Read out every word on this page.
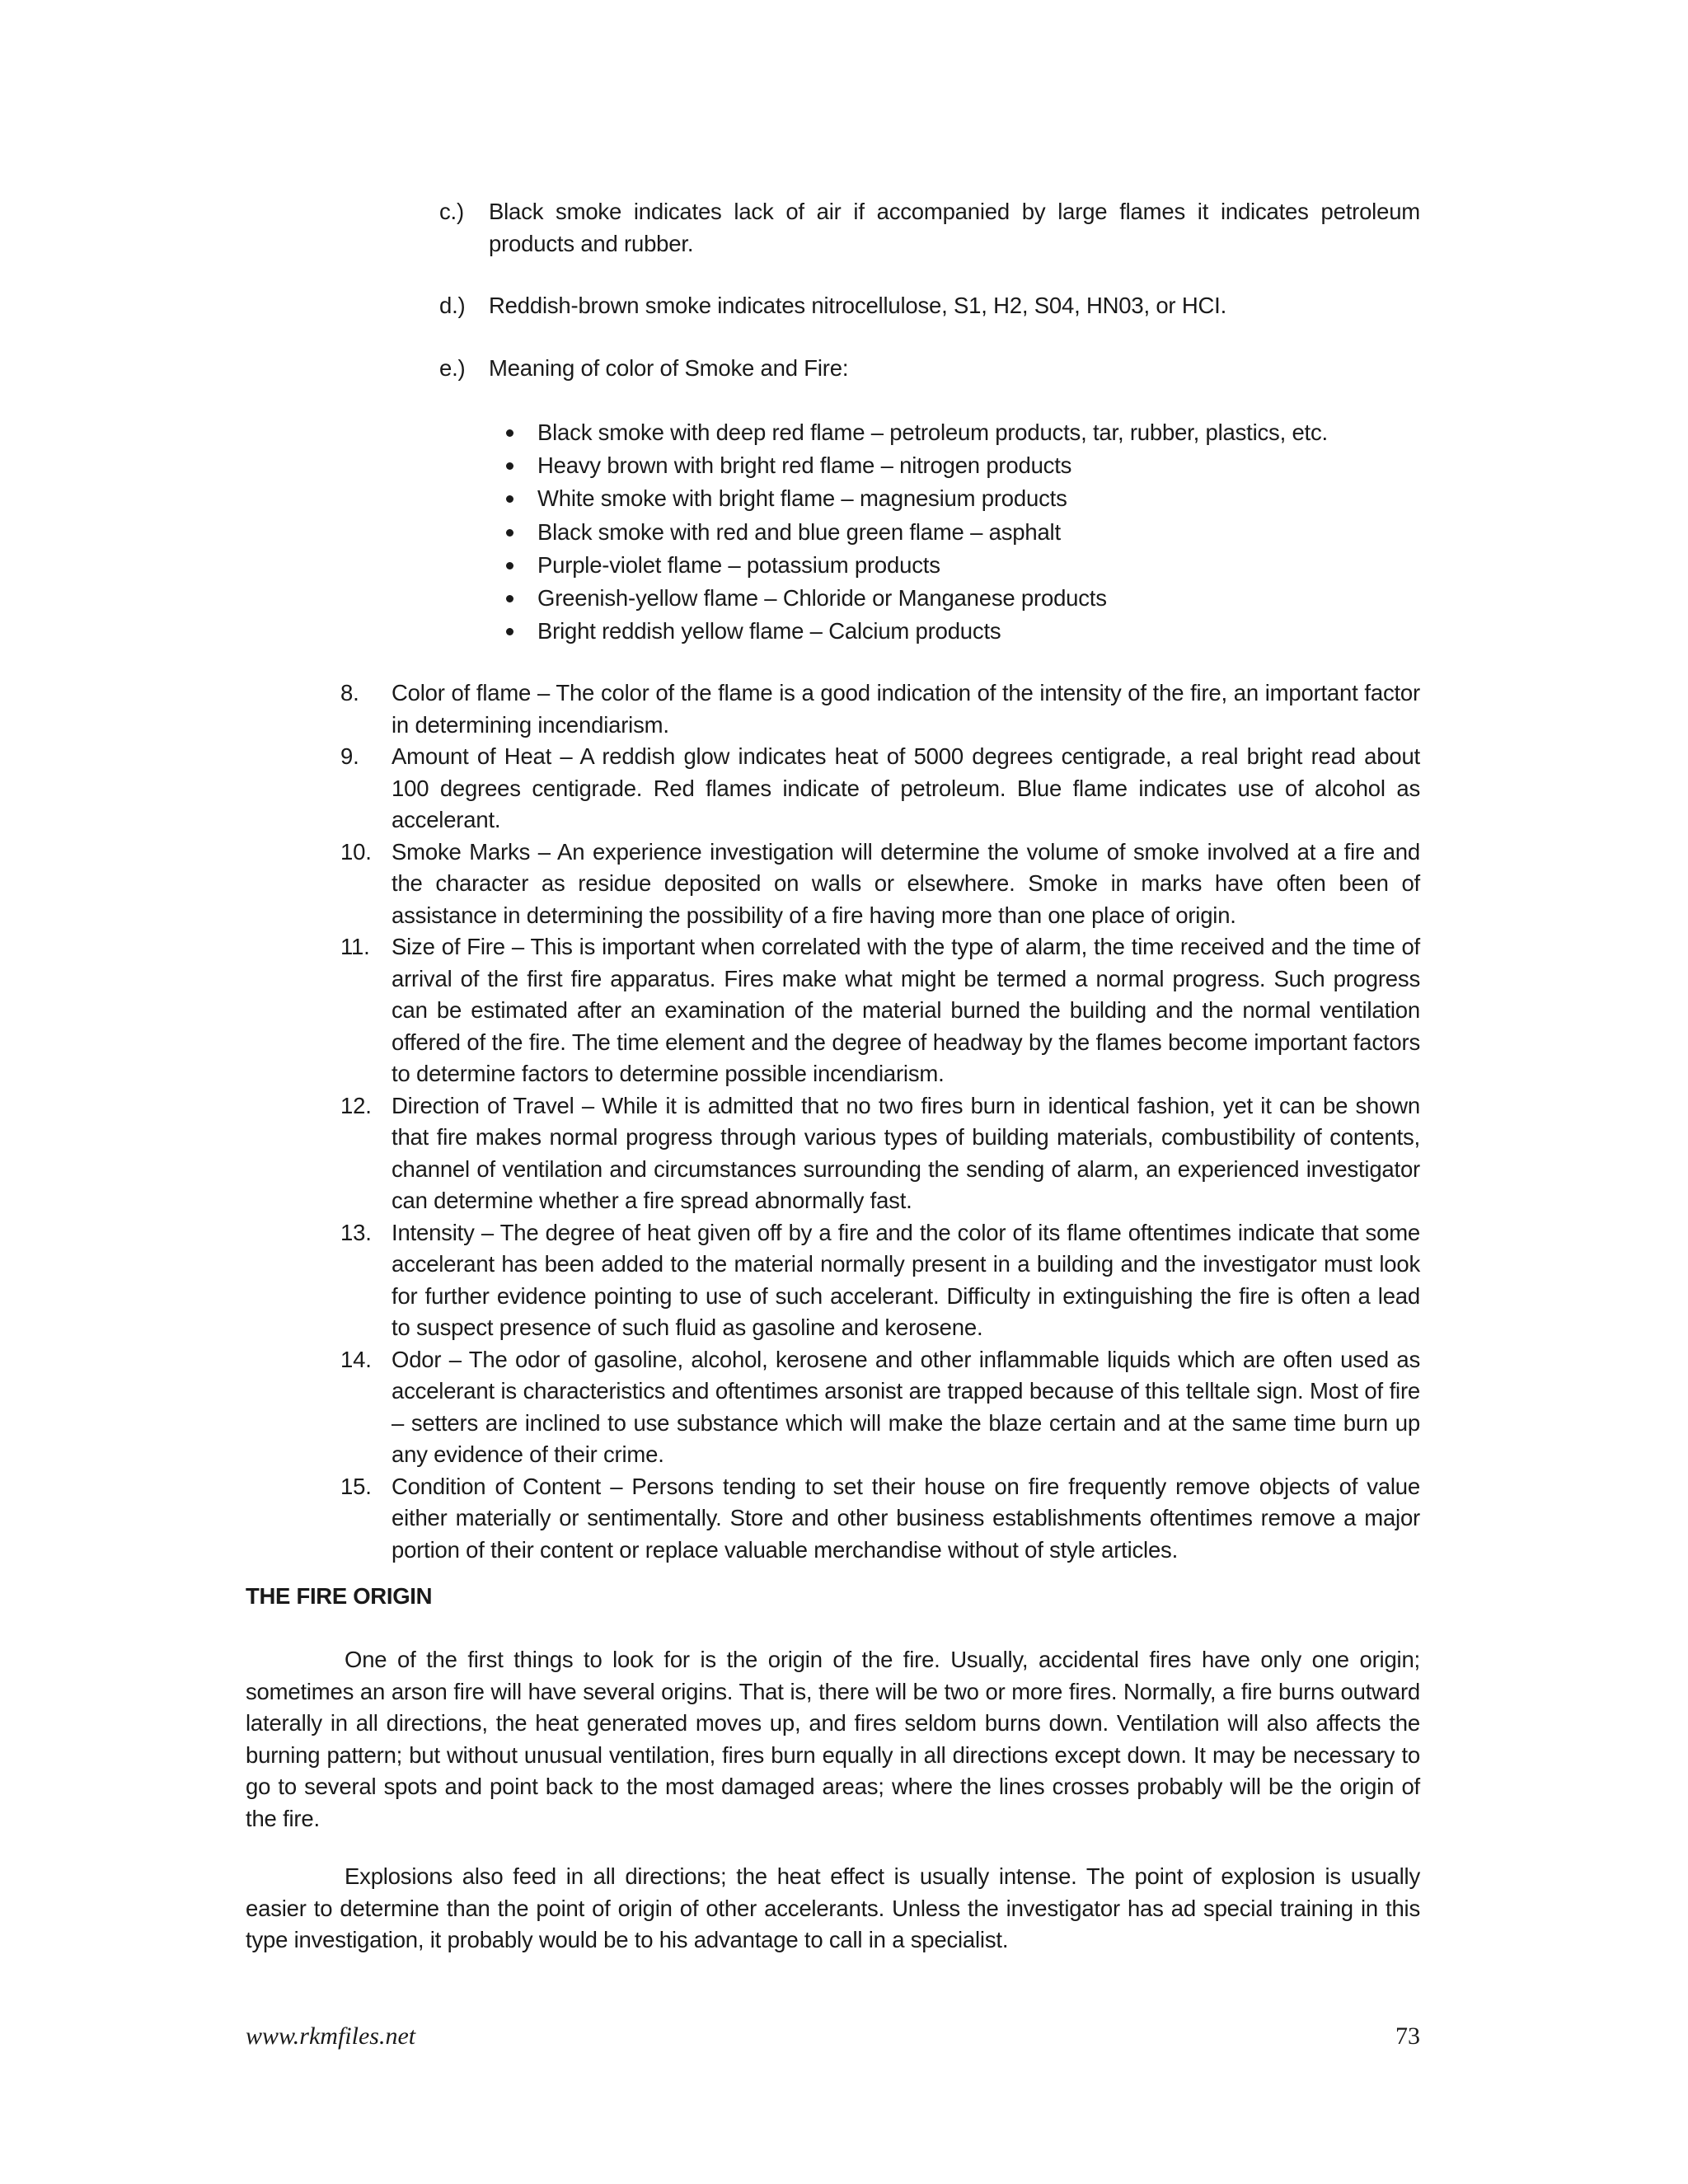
c.)	Black smoke indicates lack of air if accompanied by large flames it indicates petroleum products and rubber.
d.)	Reddish-brown smoke indicates nitrocellulose, S1, H2, S04, HN03, or HCI.
e.)	Meaning of color of Smoke and Fire:
Black smoke with deep red flame – petroleum products, tar, rubber, plastics, etc.
Heavy brown with bright red flame – nitrogen products
White smoke with bright flame – magnesium products
Black smoke with red and blue green flame – asphalt
Purple-violet flame – potassium products
Greenish-yellow flame – Chloride or Manganese products
Bright reddish yellow flame – Calcium products
8. Color of flame – The color of the flame is a good indication of the intensity of the fire, an important factor in determining incendiarism.
9. Amount of Heat – A reddish glow indicates heat of 5000 degrees centigrade, a real bright read about 100 degrees centigrade. Red flames indicate of petroleum. Blue flame indicates use of alcohol as accelerant.
10. Smoke Marks – An experience investigation will determine the volume of smoke involved at a fire and the character as residue deposited on walls or elsewhere. Smoke in marks have often been of assistance in determining the possibility of a fire having more than one place of origin.
11. Size of Fire – This is important when correlated with the type of alarm, the time received and the time of arrival of the first fire apparatus. Fires make what might be termed a normal progress. Such progress can be estimated after an examination of the material burned the building and the normal ventilation offered of the fire. The time element and the degree of headway by the flames become important factors to determine factors to determine possible incendiarism.
12. Direction of Travel – While it is admitted that no two fires burn in identical fashion, yet it can be shown that fire makes normal progress through various types of building materials, combustibility of contents, channel of ventilation and circumstances surrounding the sending of alarm, an experienced investigator can determine whether a fire spread abnormally fast.
13. Intensity – The degree of heat given off by a fire and the color of its flame oftentimes indicate that some accelerant has been added to the material normally present in a building and the investigator must look for further evidence pointing to use of such accelerant. Difficulty in extinguishing the fire is often a lead to suspect presence of such fluid as gasoline and kerosene.
14. Odor – The odor of gasoline, alcohol, kerosene and other inflammable liquids which are often used as accelerant is characteristics and oftentimes arsonist are trapped because of this telltale sign. Most of fire – setters are inclined to use substance which will make the blaze certain and at the same time burn up any evidence of their crime.
15. Condition of Content – Persons tending to set their house on fire frequently remove objects of value either materially or sentimentally. Store and other business establishments oftentimes remove a major portion of their content or replace valuable merchandise without of style articles.
THE FIRE ORIGIN
One of the first things to look for is the origin of the fire. Usually, accidental fires have only one origin; sometimes an arson fire will have several origins. That is, there will be two or more fires. Normally, a fire burns outward laterally in all directions, the heat generated moves up, and fires seldom burns down. Ventilation will also affects the burning pattern; but without unusual ventilation, fires burn equally in all directions except down. It may be necessary to go to several spots and point back to the most damaged areas; where the lines crosses probably will be the origin of the fire.
Explosions also feed in all directions; the heat effect is usually intense. The point of explosion is usually easier to determine than the point of origin of other accelerants. Unless the investigator has ad special training in this type investigation, it probably would be to his advantage to call in a specialist.
www.rkmfiles.net	73
